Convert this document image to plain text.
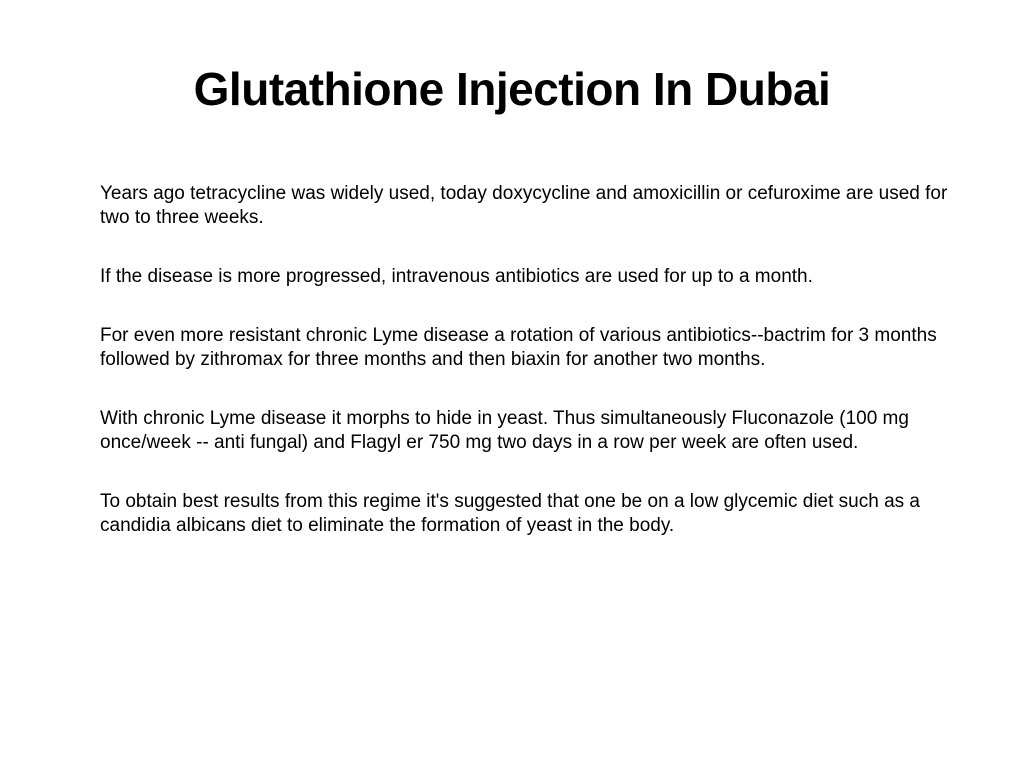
Glutathione Injection In Dubai

Years ago tetracycline was widely used, today doxycycline and amoxicillin or cefuroxime are used for two to three weeks.

If the disease is more progressed, intravenous antibiotics are used for up to a month.

For even more resistant chronic Lyme disease a rotation of various antibiotics--bactrim for 3 months followed by zithromax for three months and then biaxin for another two months.

With chronic Lyme disease it morphs to hide in yeast. Thus simultaneously Fluconazole (100 mg once/week -- anti fungal) and Flagyl er 750 mg two days in a row per week are often used.

To obtain best results from this regime it's suggested that one be on a low glycemic diet such as a candidia albicans diet to eliminate the formation of yeast in the body.
